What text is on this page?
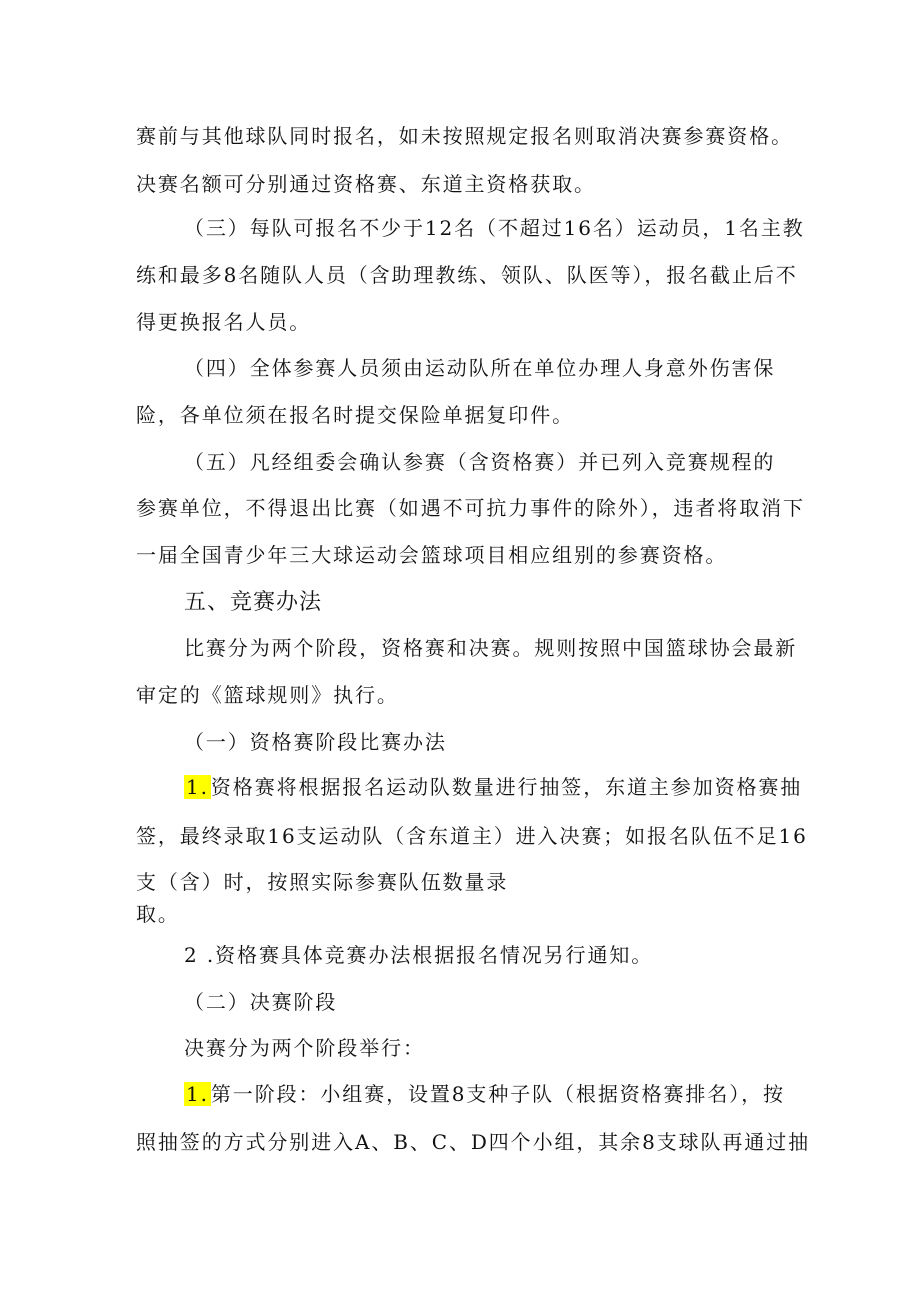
赛前与其他球队同时报名，如未按照规定报名则取消决赛参赛资格。
决赛名额可分别通过资格赛、东道主资格获取。
（三）每队可报名不少于12名（不超过16名）运动员，1名主教
练和最多8名随队人员（含助理教练、领队、队医等），报名截止后不
得更换报名人员。
（四）全体参赛人员须由运动队所在单位办理人身意外伤害保
险，各单位须在报名时提交保险单据复印件。
（五）凡经组委会确认参赛（含资格赛）并已列入竞赛规程的
参赛单位，不得退出比赛（如遇不可抗力事件的除外），违者将取消下
一届全国青少年三大球运动会篮球项目相应组别的参赛资格。
五、竞赛办法
比赛分为两个阶段，资格赛和决赛。规则按照中国篮球协会最新
审定的《篮球规则》执行。
（一）资格赛阶段比赛办法
1. 资格赛将根据报名运动队数量进行抽签，东道主参加资格赛抽
签，最终录取16支运动队（含东道主）进入决赛；如报名队伍不足16
支（含）时，按照实际参赛队伍数量录
取。
2 .资格赛具体竞赛办法根据报名情况另行通知。
（二）决赛阶段
决赛分为两个阶段举行：
1. 第一阶段：小组赛，设置8支种子队（根据资格赛排名），按
照抽签的方式分别进入A、B、C、D四个小组，其余8支球队再通过抽
